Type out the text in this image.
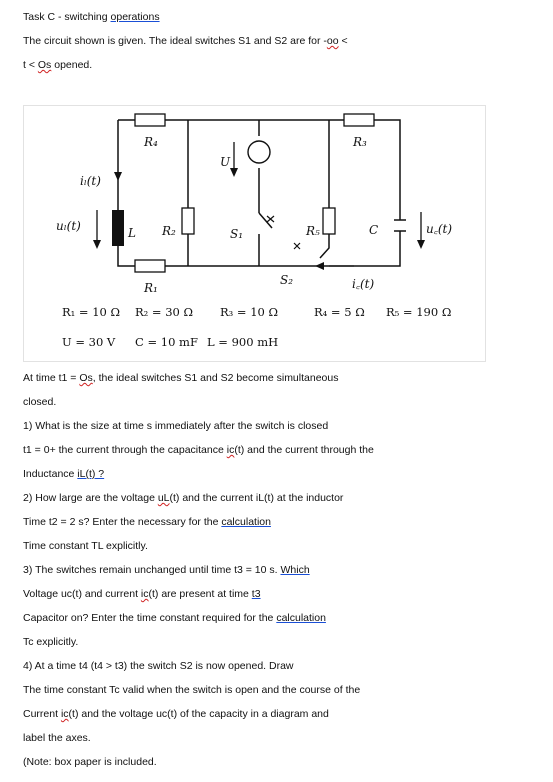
Task C - switching operations
The circuit shown is given. The ideal switches S1 and S2 are for -oo <
t < Os opened.
R₄	R₃
U
iₗ(t)
uₗ(t)	L R₂	S₁	R₅	C	u꜀(t)
S₂
R₁	i꜀(t)
R₁ = 10 Ω R₂ = 30 Ω R₃ = 10 Ω	R₄ = 5 Ω R₅ = 190 Ω
U = 30 V C = 10 mF L = 900 mH
At time t1 = Os, the ideal switches S1 and S2 become simultaneous
closed.
1) What is the size at time s immediately after the switch is closed
t1 = 0+ the current through the capacitance ic(t) and the current through the
Inductance iL(t) ?
2) How large are the voltage uL(t) and the current iL(t) at the inductor
Time t2 = 2 s? Enter the necessary for the calculation
Time constant TL explicitly.
3) The switches remain unchanged until time t3 = 10 s. Which
Voltage uc(t) and current ic(t) are present at time t3
Capacitor on? Enter the time constant required for the calculation
Tc explicitly.
4) At a time t4 (t4 > t3) the switch S2 is now opened. Draw
The time constant Tc valid when the switch is open and the course of the
Current ic(t) and the voltage uc(t) of the capacity in a diagram and
label the axes.
(Note: box paper is included.
